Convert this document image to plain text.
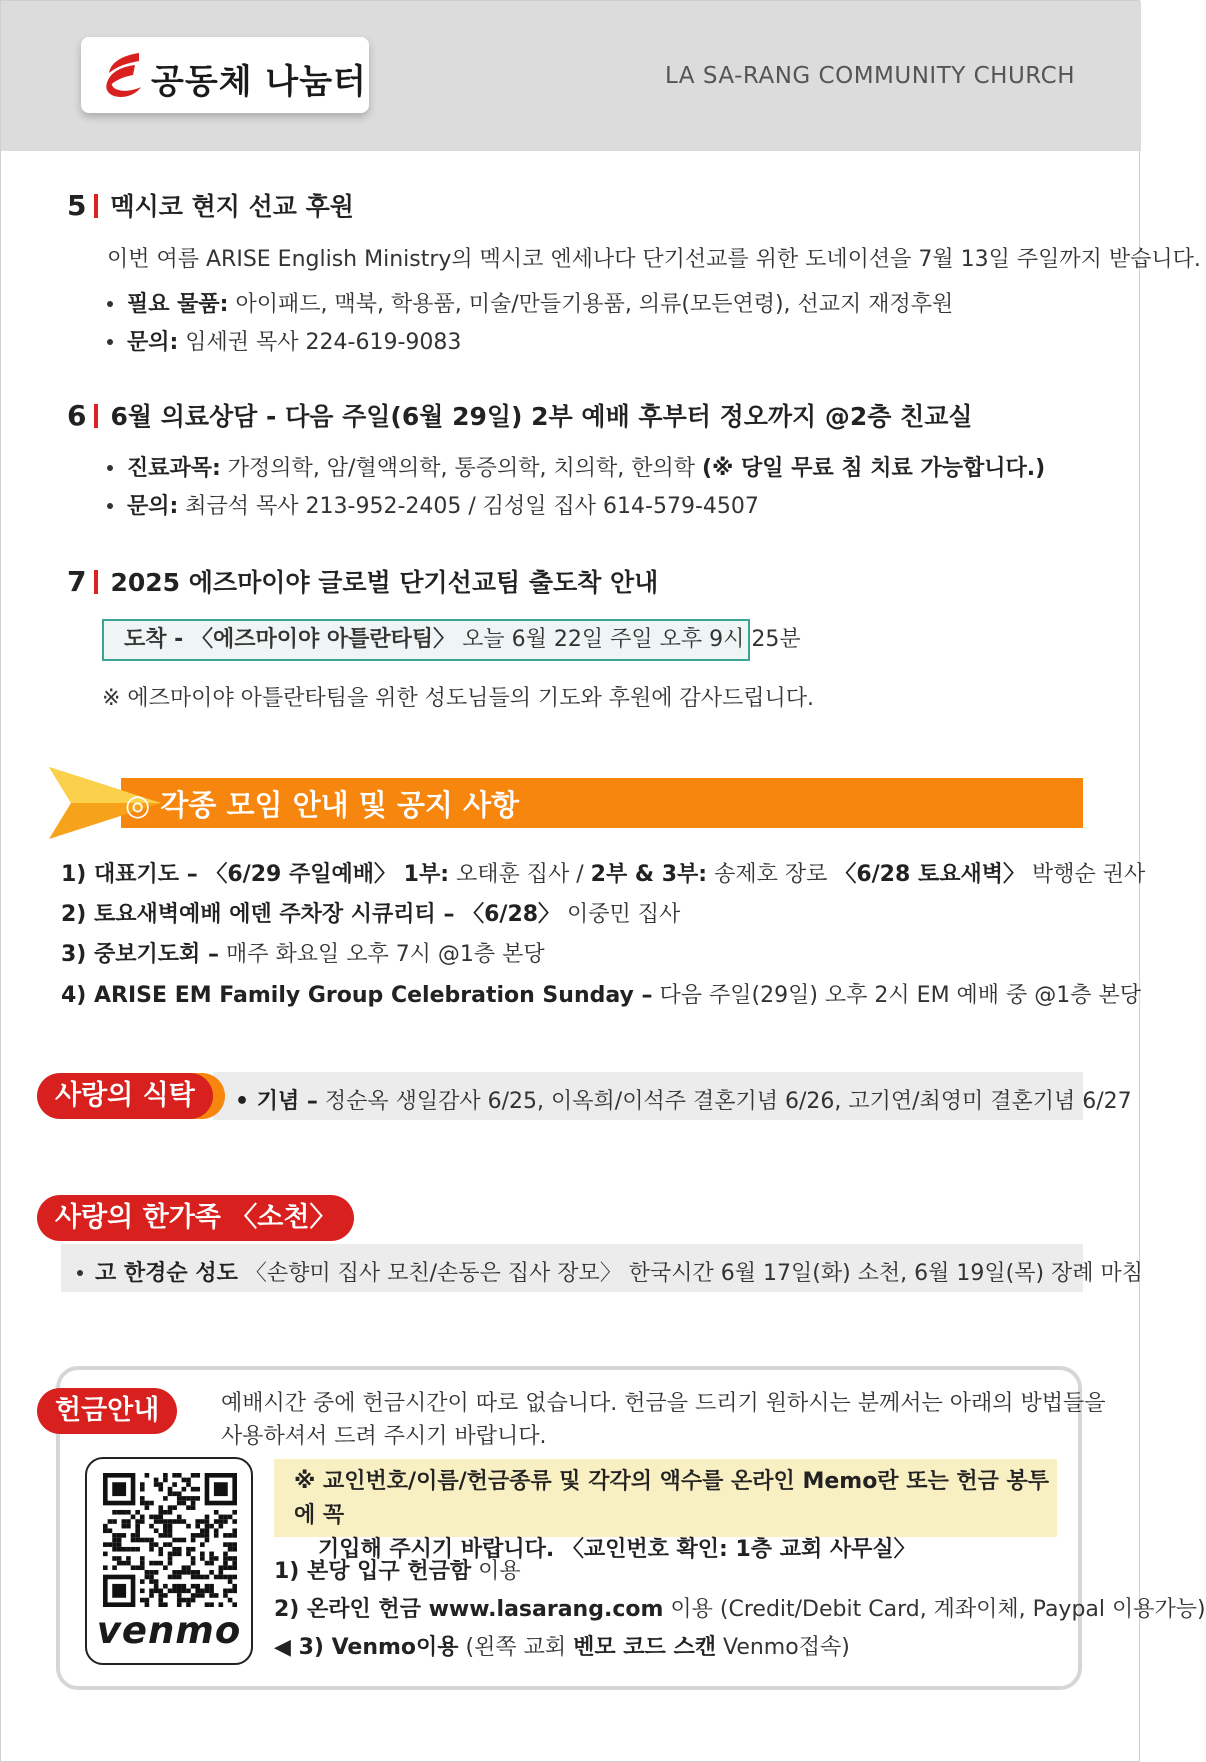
공동체 나눔터	LA SA-RANG COMMUNITY CHURCH
5 멕시코 현지 선교 후원
이번 여름 ARISE English Ministry의 멕시코 엔세나다 단기선교를 위한 도네이션을 7월 13일 주일까지 받습니다.
필요 물품: 아이패드, 맥북, 학용품, 미술/만들기용품, 의류(모든연령), 선교지 재정후원
문의: 임세권 목사 224-619-9083
6 6월 의료상담 - 다음 주일(6월 29일) 2부 예배 후부터 정오까지 @2층 친교실
진료과목: 가정의학, 암/혈액의학, 통증의학, 치의학, 한의학 (※ 당일 무료 침 치료 가능합니다.)
문의: 최금석 목사 213-952-2405 / 김성일 집사 614-579-4507
7 2025 에즈마이야 글로벌 단기선교팀 출도착 안내
도착 - 〈에즈마이야 아틀란타팀〉 오늘 6월 22일 주일 오후 9시 25분
※ 에즈마이야 아틀란타팀을 위한 성도님들의 기도와 후원에 감사드립니다.
◎ 각종 모임 안내 및 공지 사항
1) 대표기도 – 〈6/29 주일예배〉 1부: 오태훈 집사 / 2부 & 3부: 송제호 장로 〈6/28 토요새벽〉 박행순 권사
2) 토요새벽예배 에덴 주차장 시큐리티 – 〈6/28〉 이중민 집사
3) 중보기도회 – 매주 화요일 오후 7시 @1층 본당
4) ARISE EM Family Group Celebration Sunday – 다음 주일(29일) 오후 2시 EM 예배 중 @1층 본당
사랑의 식탁	• 기념 – 정순옥 생일감사 6/25, 이옥희/이석주 결혼기념 6/26, 고기연/최영미 결혼기념 6/27
사랑의 한가족 〈소천〉
고 한경순 성도 〈손향미 집사 모친/손동은 집사 장모〉 한국시간 6월 17일(화) 소천, 6월 19일(목) 장례 마침
헌금안내	예배시간 중에 헌금시간이 따로 없습니다. 헌금을 드리기 원하시는 분께서는 아래의 방법들을
사용하셔서 드려 주시기 바랍니다.
※ 교인번호/이름/헌금종류 및 각각의 액수를 온라인 Memo란 또는 헌금 봉투에 꼭
기입해 주시기 바랍니다. 〈교인번호 확인: 1층 교회 사무실〉
venmo
1) 본당 입구 헌금함 이용
2) 온라인 헌금 www.lasarang.com 이용 (Credit/Debit Card, 계좌이체, Paypal 이용가능)
◀ 3) Venmo이용 (왼쪽 교회 벤모 코드 스캔 Venmo접속)
